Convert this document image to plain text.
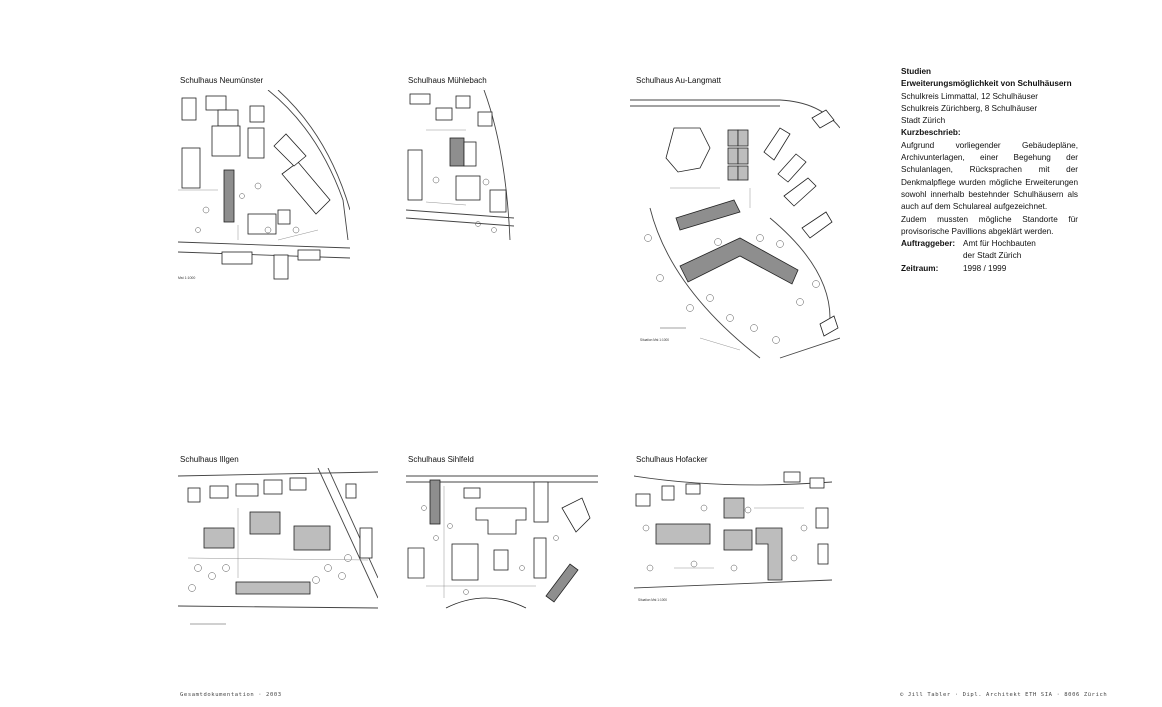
Schulhaus Neumünster
Mst 1:1000
Schulhaus Mühlebach	Schulhaus Au-Langmatt
Situation Mst 1:1000
Studien
Erweiterungsmöglichkeit von Schulhäusern
Schulkreis Limmattal, 12 Schulhäuser
Schulkreis Zürichberg, 8 Schulhäuser
Stadt Zürich
Kurzbeschrieb:
Aufgrund vorliegender Gebäudepläne, Archivunterlagen, einer Begehung der Schulanlagen, Rücksprachen mit der Denkmalpflege wurden mögliche Erweiterungen sowohl innerhalb bestehnder Schulhäusern als auch auf dem Schulareal aufgezeichnet.
Zudem mussten mögliche Standorte für provisorische Pavillions abgeklärt werden.
Auftraggeber: Amt für Hochbauten
der Stadt Zürich
Zeitraum:	1998 / 1999
Schulhaus Illgen	Schulhaus Sihlfeld	Schulhaus Hofacker
Situation Mst 1:1000
Gesamtdokumentation · 2003	© Jill Tabler · Dipl. Architekt ETH SIA · 8006 Zürich
